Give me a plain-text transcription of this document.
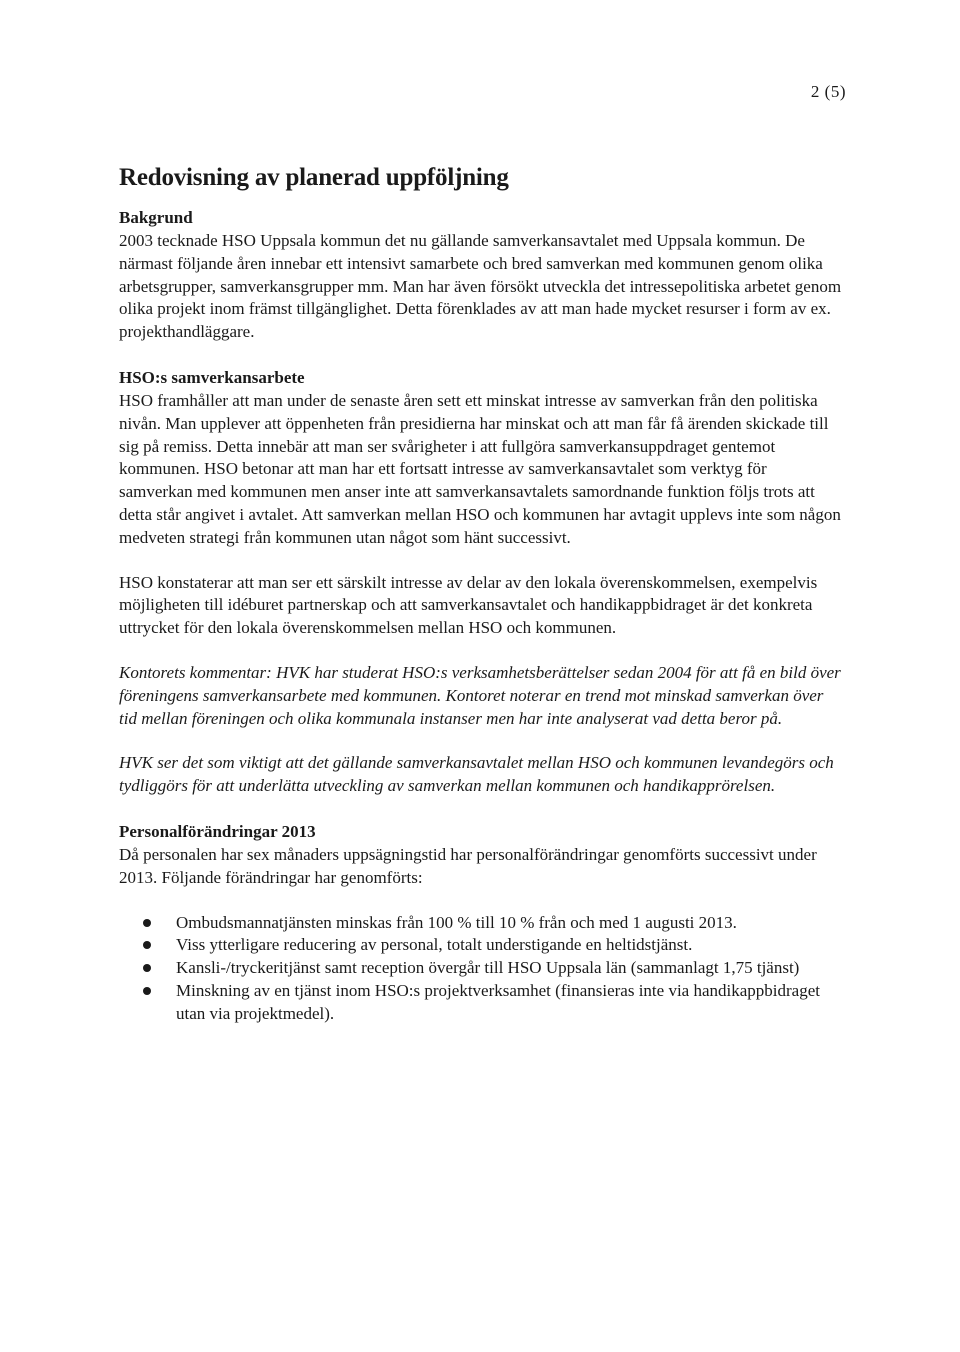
2 (5)
Redovisning av planerad uppföljning
Bakgrund

2003 tecknade HSO Uppsala kommun det nu gällande samverkansavtalet med Uppsala kommun. De närmast följande åren innebar ett intensivt samarbete och bred samverkan med kommunen genom olika arbetsgrupper, samverkansgrupper mm. Man har även försökt utveckla det intressepolitiska arbetet genom olika projekt inom främst tillgänglighet. Detta förenklades av att man hade mycket resurser i form av ex. projekthandläggare.

HSO:s samverkansarbete

HSO framhåller att man under de senaste åren sett ett minskat intresse av samverkan från den politiska nivån. Man upplever att öppenheten från presidierna har minskat och att man får få ärenden skickade till sig på remiss. Detta innebär att man ser svårigheter i att fullgöra samverkansuppdraget gentemot kommunen. HSO betonar att man har ett fortsatt intresse av samverkansavtalet som verktyg för samverkan med kommunen men anser inte att samverkansavtalets samordnande funktion följs trots att detta står angivet i avtalet. Att samverkan mellan HSO och kommunen har avtagit upplevs inte som någon medveten strategi från kommunen utan något som hänt successivt.

HSO konstaterar att man ser ett särskilt intresse av delar av den lokala överenskommelsen, exempelvis möjligheten till idéburet partnerskap och att samverkansavtalet och handikappbidraget är det konkreta uttrycket för den lokala överenskommelsen mellan HSO och kommunen.

Kontorets kommentar: HVK har studerat HSO:s verksamhetsberättelser sedan 2004 för att få en bild över föreningens samverkansarbete med kommunen. Kontoret noterar en trend mot minskad samverkan över tid mellan föreningen och olika kommunala instanser men har inte analyserat vad detta beror på.

HVK ser det som viktigt att det gällande samverkansavtalet mellan HSO och kommunen levandegörs och tydliggörs för att underlätta utveckling av samverkan mellan kommunen och handikapprörelsen.

Personalförändringar 2013

Då personalen har sex månaders uppsägningstid har personalförändringar genomförts successivt under 2013. Följande förändringar har genomförts:

Ombudsmannatjänsten minskas från 100 % till 10 % från och med 1 augusti 2013.
Viss ytterligare reducering av personal, totalt understigande en heltidstjänst.
Kansli-/tryckeritjänst samt reception övergår till HSO Uppsala län (sammanlagt 1,75 tjänst)
Minskning av en tjänst inom HSO:s projektverksamhet (finansieras inte via handikappbidraget utan via projektmedel).
